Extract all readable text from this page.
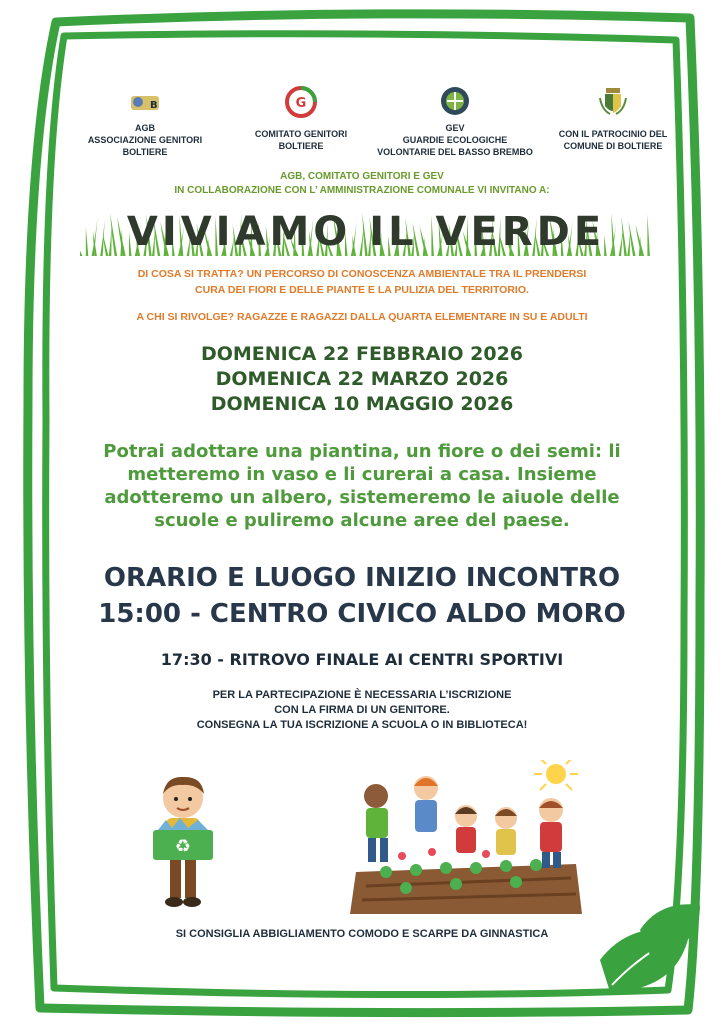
B
AGB
ASSOCIAZIONE GENITORI
BOLTIERE
G
COMITATO GENITORI
BOLTIERE
GEV
GUARDIE ECOLOGICHE
VOLONTARIE DEL BASSO BREMBO
CON IL PATROCINIO DEL
COMUNE DI BOLTIERE
AGB, COMITATO GENITORI E GEV
IN COLLABORAZIONE CON L’ AMMINISTRAZIONE COMUNALE VI INVITANO A:
VIVIAMO IL VERDE
DI COSA SI TRATTA? UN PERCORSO DI CONOSCENZA AMBIENTALE TRA IL PRENDERSI
CURA DEI FIORI E DELLE PIANTE E LA PULIZIA DEL TERRITORIO.
A CHI SI RIVOLGE? RAGAZZE E RAGAZZI DALLA QUARTA ELEMENTARE IN SU E ADULTI
DOMENICA 22 FEBBRAIO 2026
DOMENICA 22 MARZO 2026
DOMENICA 10 MAGGIO 2026
Potrai adottare una piantina, un fiore o dei semi: li
metteremo in vaso e li curerai a casa. Insieme
adotteremo un albero, sistemeremo le aiuole delle
scuole e puliremo alcune aree del paese.
ORARIO E LUOGO INIZIO INCONTRO
15:00 - CENTRO CIVICO ALDO MORO
17:30 - RITROVO FINALE AI CENTRI SPORTIVI
PER LA PARTECIPAZIONE È NECESSARIA L’ISCRIZIONE
CON LA FIRMA DI UN GENITORE.
CONSEGNA LA TUA ISCRIZIONE A SCUOLA O IN BIBLIOTECA!
♻
SI CONSIGLIA ABBIGLIAMENTO COMODO E SCARPE DA GINNASTICA
